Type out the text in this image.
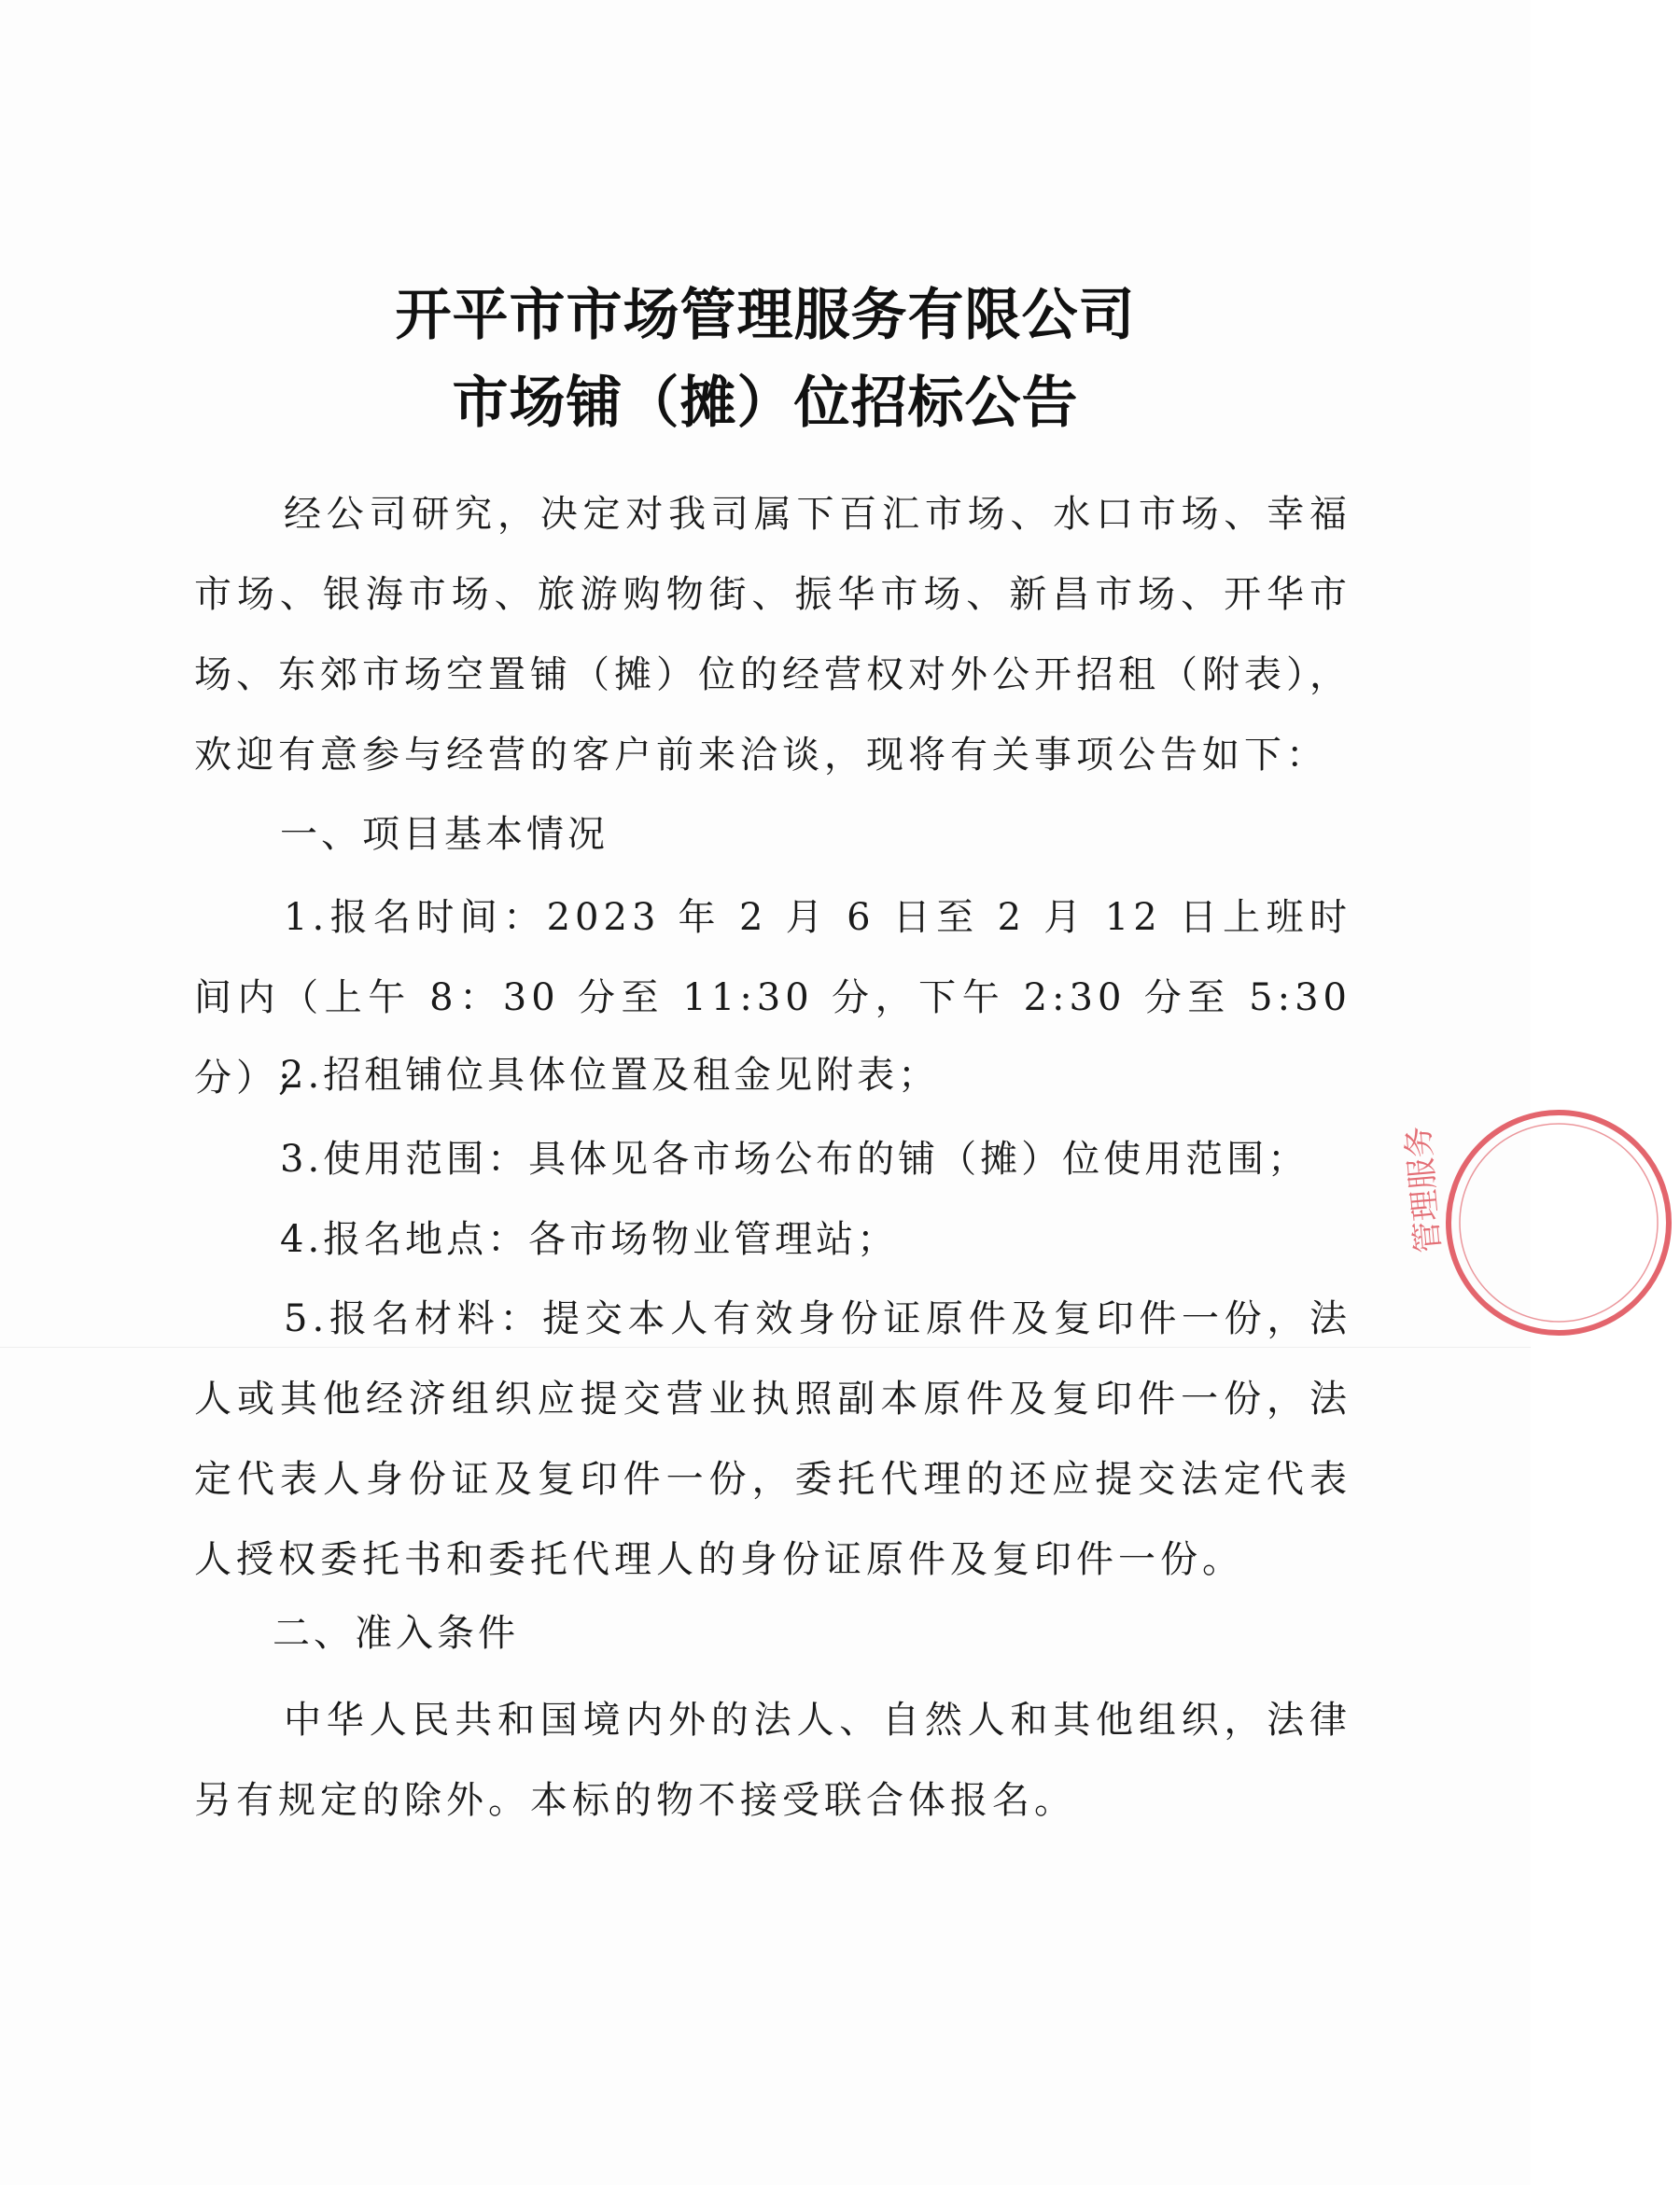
开平市市场管理服务有限公司
市场铺（摊）位招标公告

经公司研究，决定对我司属下百汇市场、水口市场、幸福市场、银海市场、旅游购物街、振华市场、新昌市场、开华市场、东郊市场空置铺（摊）位的经营权对外公开招租（附表），欢迎有意参与经营的客户前来洽谈，现将有关事项公告如下：

一、项目基本情况

1.报名时间：2023 年 2 月 6 日至 2 月 12 日上班时间内（上午 8：30 分至 11:30 分，下午 2:30 分至 5:30 分）;

2.招租铺位具体位置及租金见附表；
3.使用范围：具体见各市场公布的铺（摊）位使用范围；
4.报名地点：各市场物业管理站；

5.报名材料：提交本人有效身份证原件及复印件一份，法人或其他经济组织应提交营业执照副本原件及复印件一份，法定代表人身份证及复印件一份，委托代理的还应提交法定代表人授权委托书和委托代理人的身份证原件及复印件一份。

二、准入条件

中华人民共和国境内外的法人、自然人和其他组织，法律另有规定的除外。本标的物不接受联合体报名。

管理服务
